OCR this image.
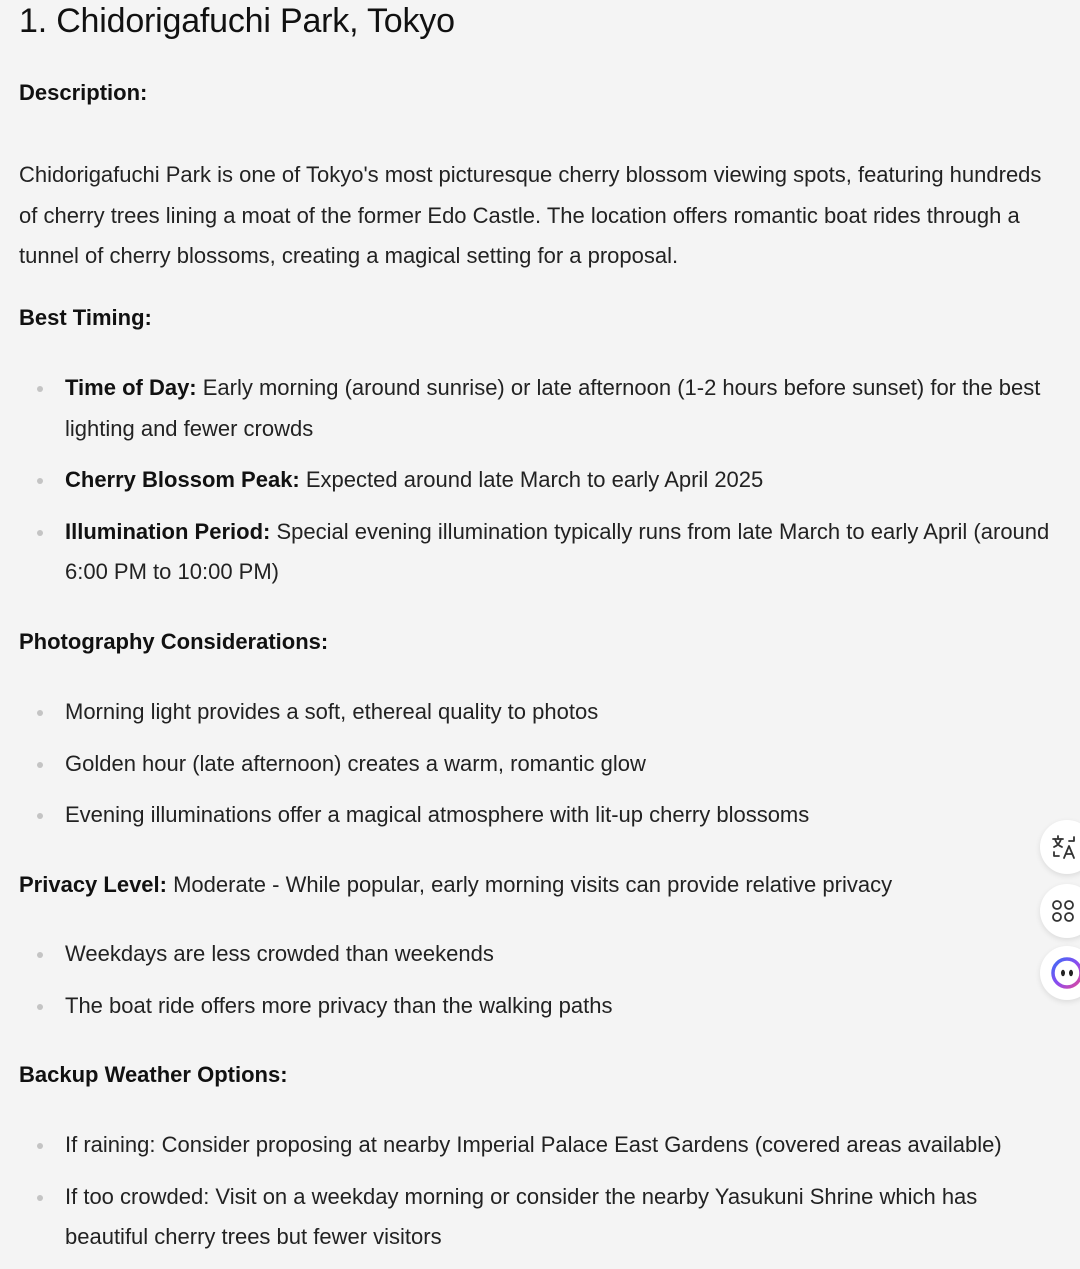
1. Chidorigafuchi Park, Tokyo
Description:
Chidorigafuchi Park is one of Tokyo's most picturesque cherry blossom viewing spots, featuring hundreds of cherry trees lining a moat of the former Edo Castle. The location offers romantic boat rides through a tunnel of cherry blossoms, creating a magical setting for a proposal.
Best Timing:
Time of Day: Early morning (around sunrise) or late afternoon (1-2 hours before sunset) for the best lighting and fewer crowds
Cherry Blossom Peak: Expected around late March to early April 2025
Illumination Period: Special evening illumination typically runs from late March to early April (around 6:00 PM to 10:00 PM)
Photography Considerations:
Morning light provides a soft, ethereal quality to photos
Golden hour (late afternoon) creates a warm, romantic glow
Evening illuminations offer a magical atmosphere with lit-up cherry blossoms
Privacy Level: Moderate - While popular, early morning visits can provide relative privacy
Weekdays are less crowded than weekends
The boat ride offers more privacy than the walking paths
Backup Weather Options:
If raining: Consider proposing at nearby Imperial Palace East Gardens (covered areas available)
If too crowded: Visit on a weekday morning or consider the nearby Yasukuni Shrine which has beautiful cherry trees but fewer visitors
